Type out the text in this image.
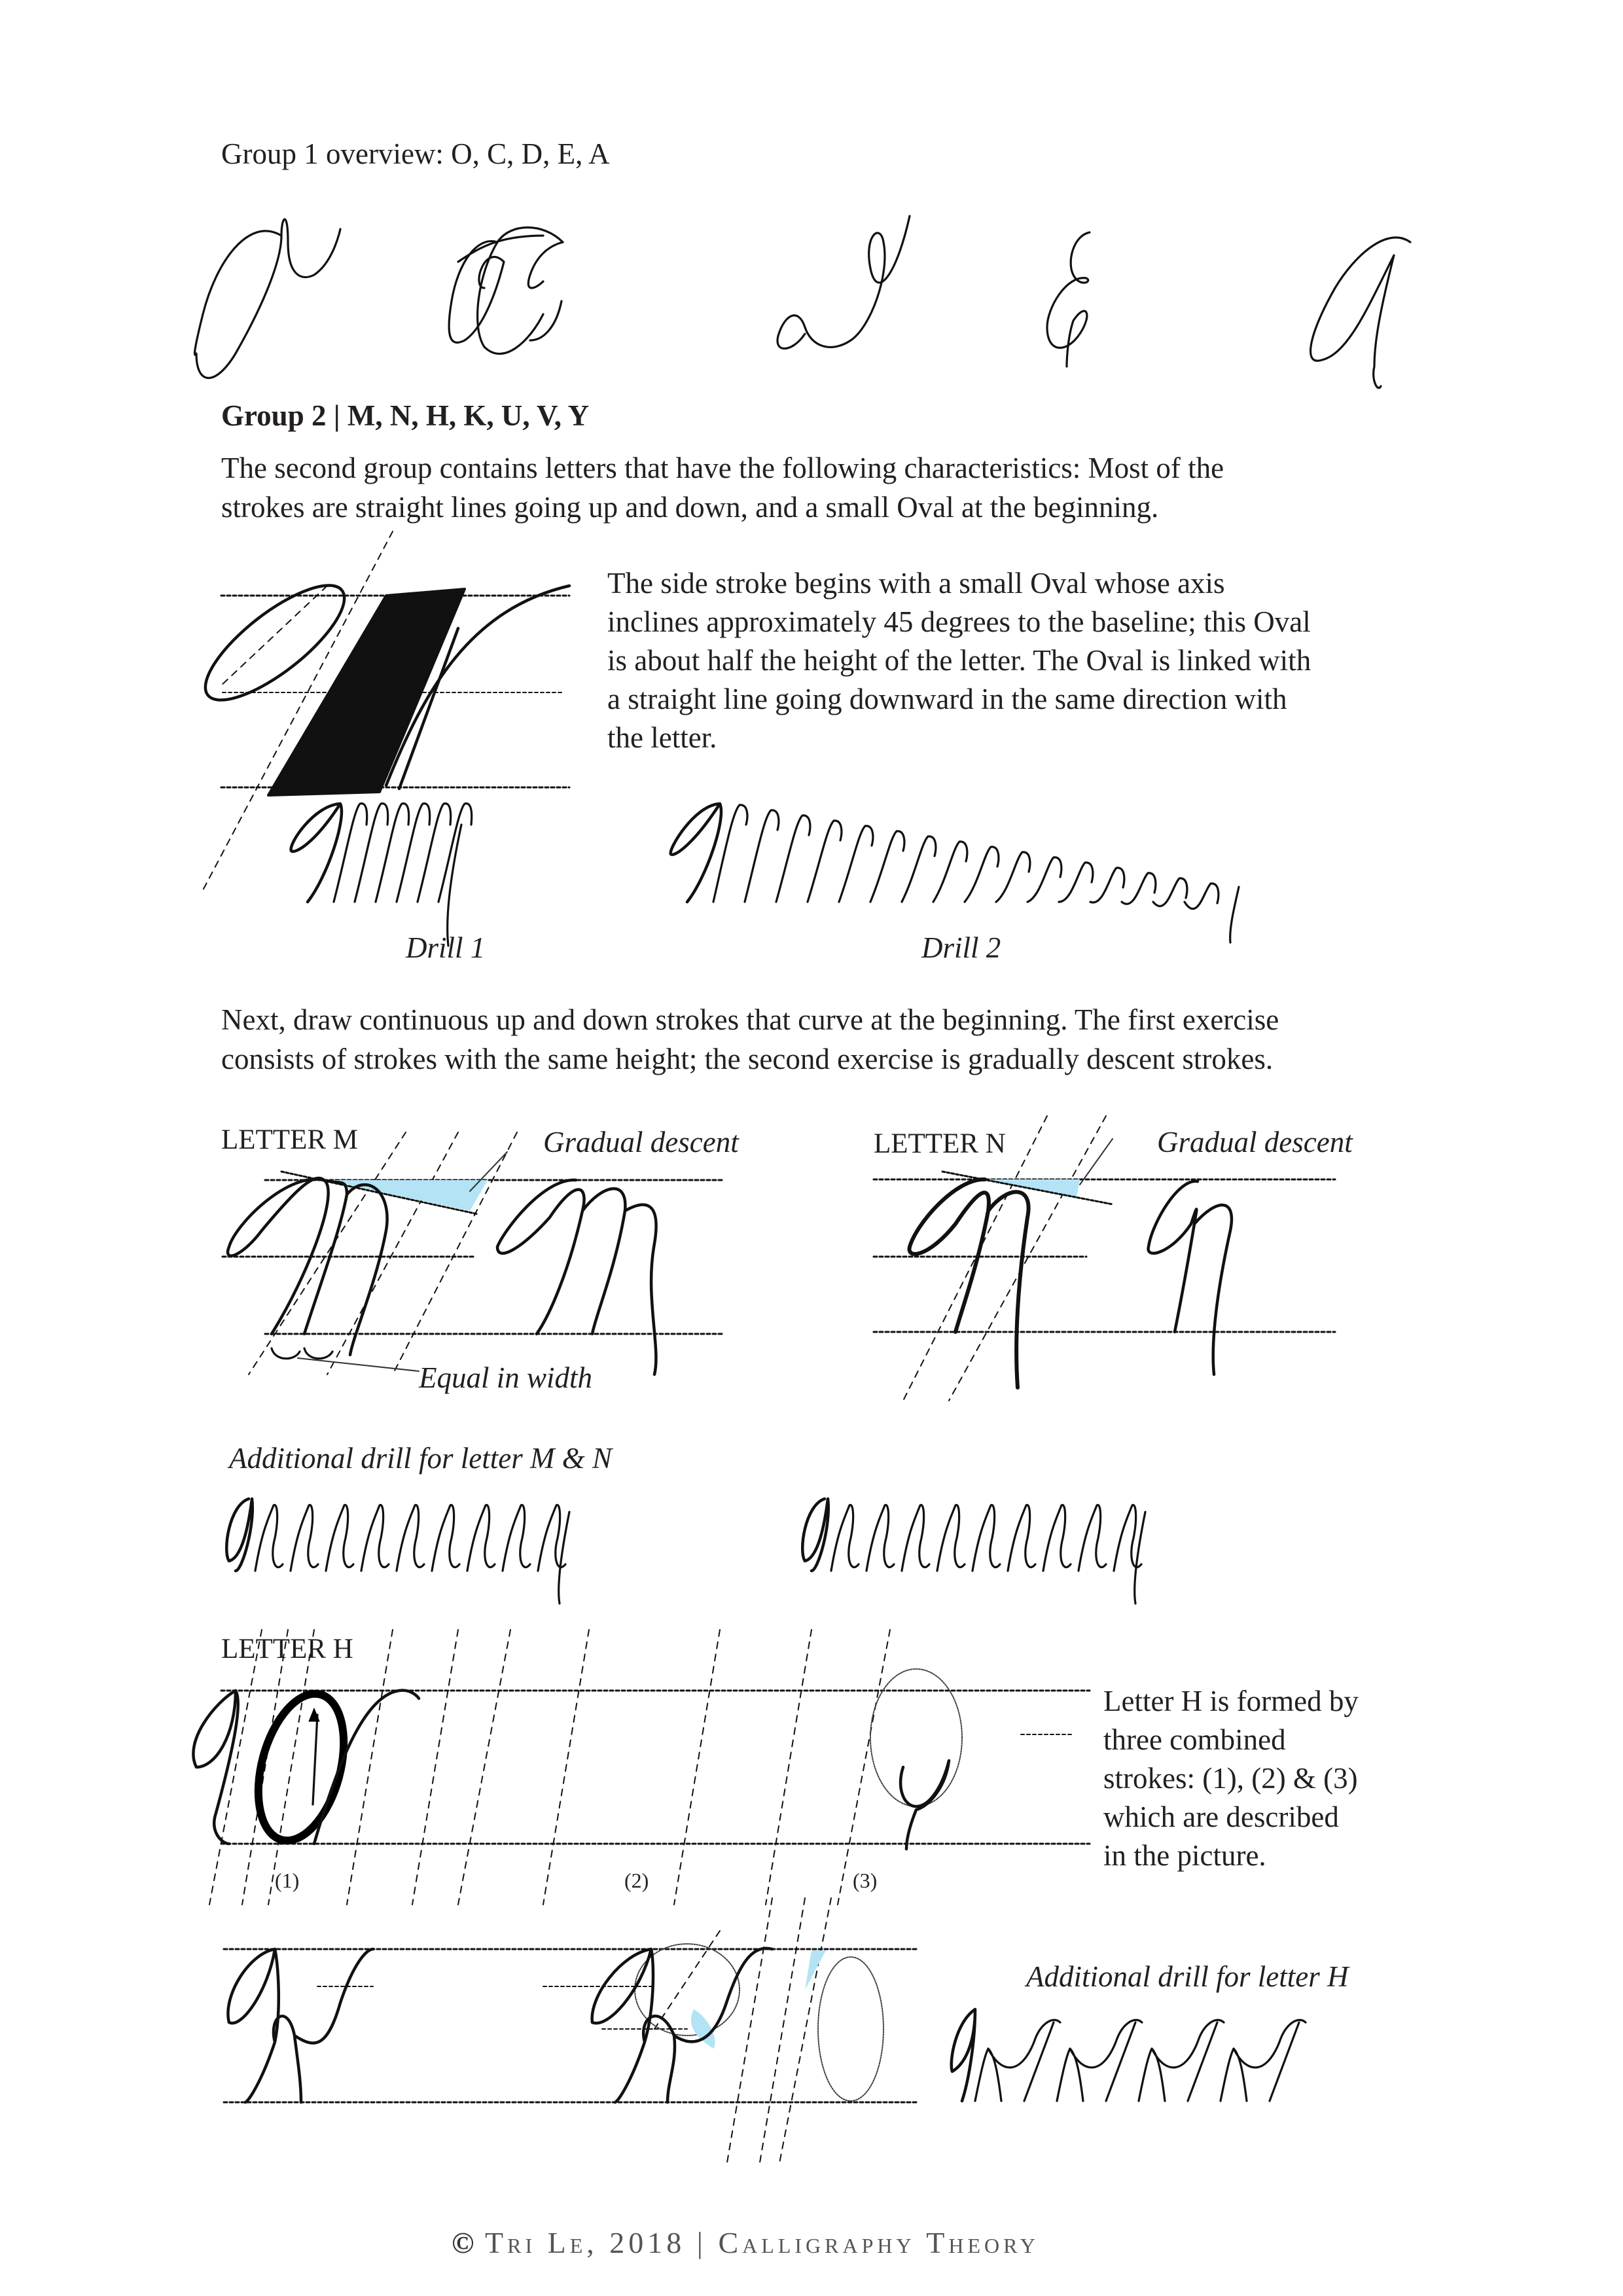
Group 1 overview: O, C, D, E, A
Group 2 | M, N, H, K, U, V, Y
The second group contains letters that have the following characteristics: Most of the
strokes are straight lines going up and down, and a small Oval at the beginning.
The side stroke begins with a small Oval whose axis
inclines approximately 45 degrees to the baseline; this Oval
is about half the height of the letter. The Oval is linked with
a straight line going downward in the same direction with
the letter.
Drill 1	Drill 2
Next, draw continuous up and down strokes that curve at the beginning. The first exercise
consists of strokes with the same height; the second exercise is gradually descent strokes.
LETTER M	Gradual descent
Equal in width
LETTER N	Gradual descent
Additional drill for letter M & N
LETTER H
(1)	(2)	(3)
Letter H is formed by
three combined
strokes: (1), (2) & (3)
which are described
in the picture.
Additional drill for letter H
© Tri Le, 2018 | Calligraphy Theory
